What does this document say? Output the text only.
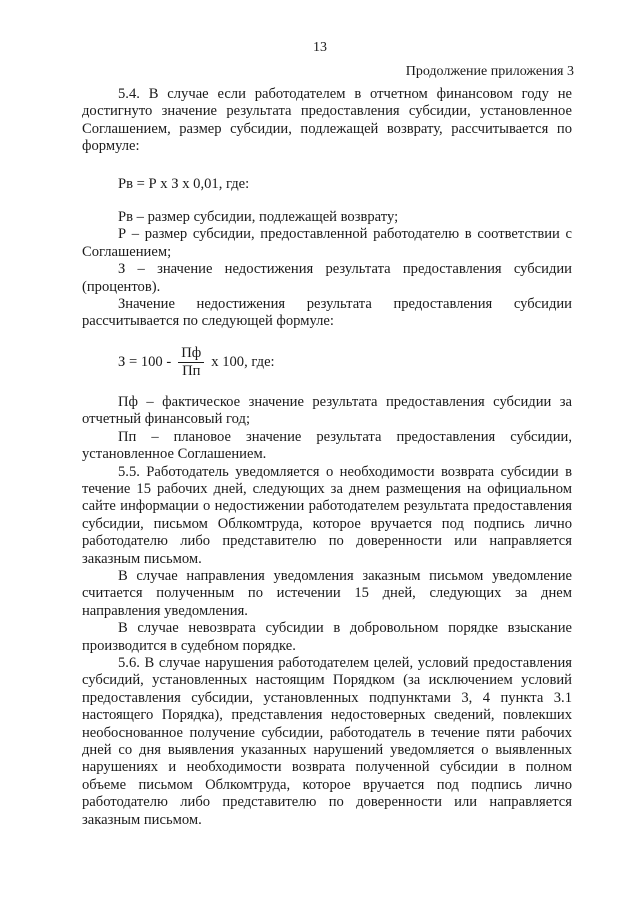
13
Продолжение приложения 3

5.4. В случае если работодателем в отчетном финансовом году не достигнуто значение результата предоставления субсидии, установленное Соглашением, размер субсидии, подлежащей возврату, рассчитывается по формуле:

Рв = Р х З х 0,01, где:

Рв – размер субсидии, подлежащей возврату;

Р – размер субсидии, предоставленной работодателю в соответствии с Соглашением;

З – значение недостижения результата предоставления субсидии (процентов).

Значение недостижения результата предоставления субсидии рассчитывается по следующей формуле:

$З = 100 - \frac{Пф}{Пп}$ x 100, где:

Пф – фактическое значение результата предоставления субсидии за отчетный финансовый год;

Пп – плановое значение результата предоставления субсидии, установленное Соглашением.

5.5. Работодатель уведомляется о необходимости возврата субсидии в течение 15 рабочих дней, следующих за днем размещения на официальном сайте информации о недостижении работодателем результата предоставления субсидии, письмом Облкомтруда, которое вручается под подпись лично работодателю либо представителю по доверенности или направляется заказным письмом.

В случае направления уведомления заказным письмом уведомление считается полученным по истечении 15 дней, следующих за днем направления уведомления.

В случае невозврата субсидии в добровольном порядке взыскание производится в судебном порядке.

5.6. В случае нарушения работодателем целей, условий предоставления субсидий, установленных настоящим Порядком (за исключением условий предоставления субсидии, установленных подпунктами 3, 4 пункта 3.1 настоящего Порядка), представления недостоверных сведений, повлекших необоснованное получение субсидии, работодатель в течение пяти рабочих дней со дня выявления указанных нарушений уведомляется о выявленных нарушениях и необходимости возврата полученной субсидии в полном объеме письмом Облкомтруда, которое вручается под подпись лично работодателю либо представителю по доверенности или направляется заказным письмом.
